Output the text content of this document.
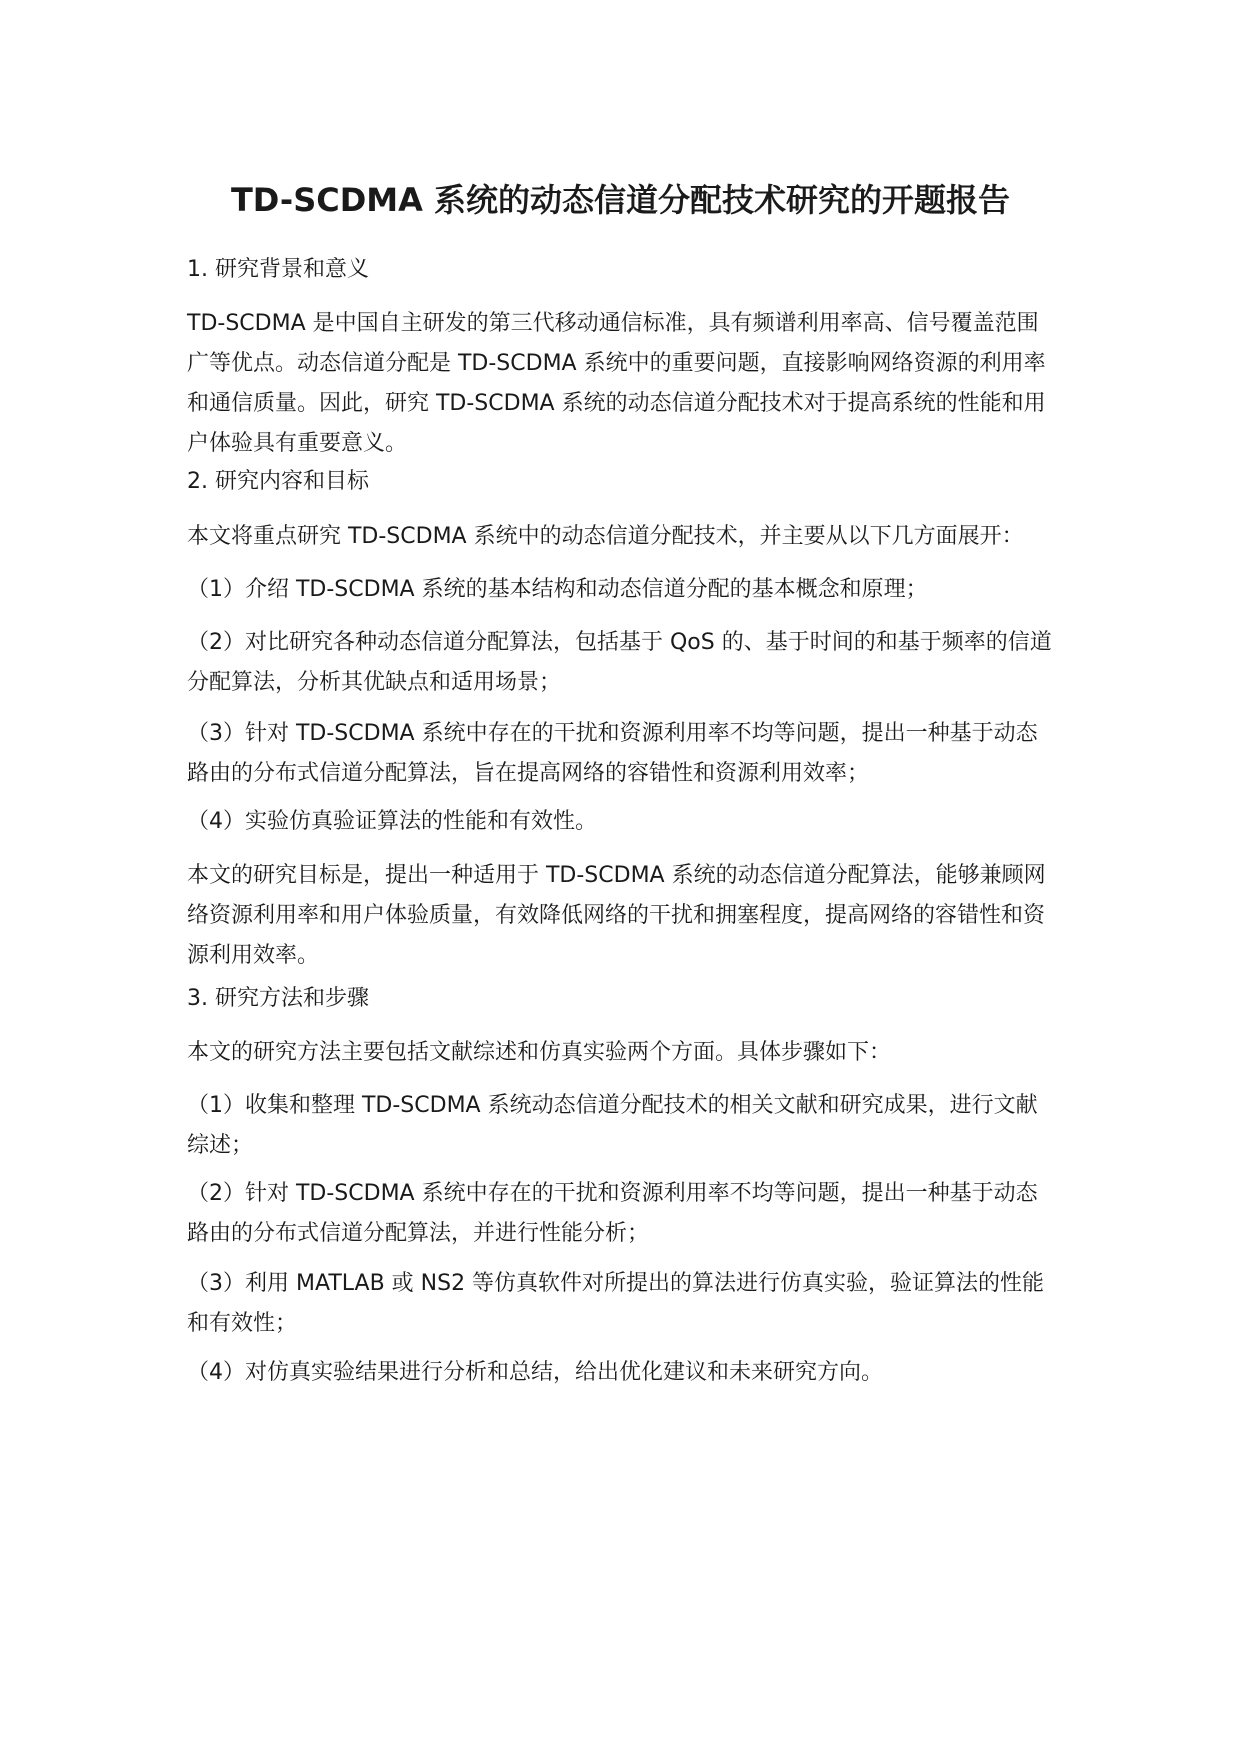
TD-SCDMA 系统的动态信道分配技术研究的开题报告

1. 研究背景和意义

TD-SCDMA 是中国自主研发的第三代移动通信标准，具有频谱利用率高、信号覆盖范围广等优点。动态信道分配是 TD-SCDMA 系统中的重要问题，直接影响网络资源的利用率和通信质量。因此，研究 TD-SCDMA 系统的动态信道分配技术对于提高系统的性能和用户体验具有重要意义。

2. 研究内容和目标

本文将重点研究 TD-SCDMA 系统中的动态信道分配技术，并主要从以下几方面展开：

（1）介绍 TD-SCDMA 系统的基本结构和动态信道分配的基本概念和原理；

（2）对比研究各种动态信道分配算法，包括基于 QoS 的、基于时间的和基于频率的信道分配算法，分析其优缺点和适用场景；

（3）针对 TD-SCDMA 系统中存在的干扰和资源利用率不均等问题，提出一种基于动态路由的分布式信道分配算法，旨在提高网络的容错性和资源利用效率；

（4）实验仿真验证算法的性能和有效性。

本文的研究目标是，提出一种适用于 TD-SCDMA 系统的动态信道分配算法，能够兼顾网络资源利用率和用户体验质量，有效降低网络的干扰和拥塞程度，提高网络的容错性和资源利用效率。

3. 研究方法和步骤

本文的研究方法主要包括文献综述和仿真实验两个方面。具体步骤如下：

（1）收集和整理 TD-SCDMA 系统动态信道分配技术的相关文献和研究成果，进行文献综述；

（2）针对 TD-SCDMA 系统中存在的干扰和资源利用率不均等问题，提出一种基于动态路由的分布式信道分配算法，并进行性能分析；

（3）利用 MATLAB 或 NS2 等仿真软件对所提出的算法进行仿真实验，验证算法的性能和有效性；

（4）对仿真实验结果进行分析和总结，给出优化建议和未来研究方向。
